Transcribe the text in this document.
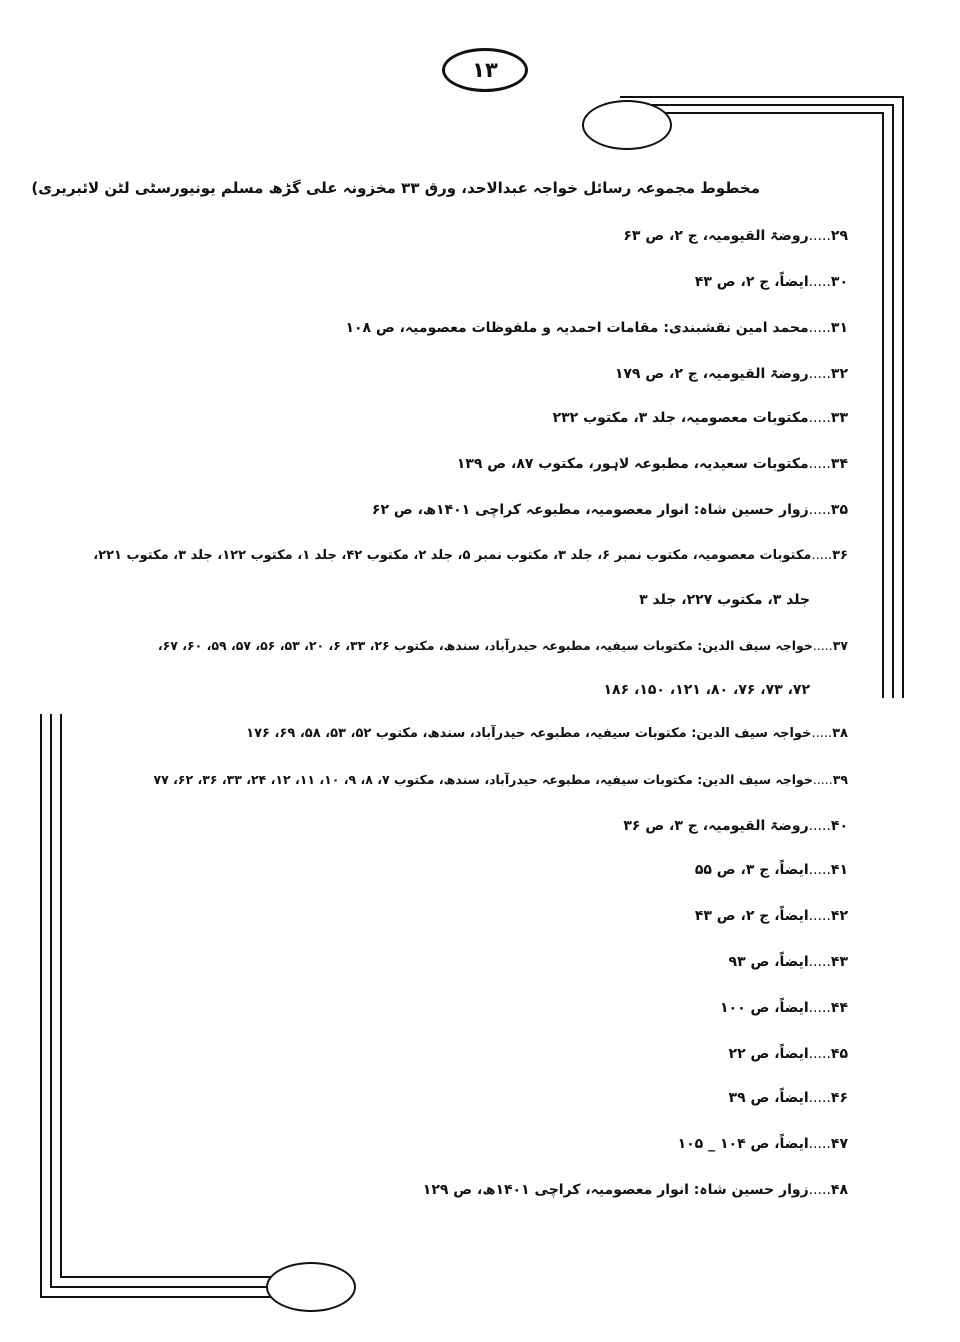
۱۳
مخطوط مجموعہ رسائل خواجہ عبدالاحد، ورق ۳۳ مخزونہ علی گڑھ مسلم یونیورسٹی لٹن لائبریری)
۲۹.....روضۃ القیومیہ، ج ۲، ص ۶۳
۳۰.....ایضاً، ج ۲، ص ۴۳
۳۱.....محمد امین نقشبندی: مقامات احمدیہ و ملفوظات معصومیہ، ص ۱۰۸
۳۲.....روضۃ القیومیہ، ج ۲، ص ۱۷۹
۳۳.....مکتوبات معصومیہ، جلد ۳، مکتوب ۲۳۲
۳۴.....مکتوبات سعیدیہ، مطبوعہ لاہور، مکتوب ۸۷، ص ۱۳۹
۳۵.....زوار حسین شاہ: انوار معصومیہ، مطبوعہ کراچی ۱۴۰۱ھ، ص ۶۲
۳۶.....مکتوبات معصومیہ، مکتوب نمبر ۶، جلد ۳، مکتوب نمبر ۵، جلد ۲، مکتوب ۴۲، جلد ۱، مکتوب ۱۲۲، جلد ۳، مکتوب ۲۲۱،
جلد ۳، مکتوب ۲۲۷، جلد ۳
۳۷.....خواجہ سیف الدین: مکتوبات سیفیہ، مطبوعہ حیدرآباد، سندھ، مکتوب ۲۶، ۳۳، ۶، ۲۰، ۵۳، ۵۶، ۵۷، ۵۹، ۶۰، ۶۷،
۷۲، ۷۳، ۷۶، ۸۰، ۱۲۱، ۱۵۰، ۱۸۶
۳۸.....خواجہ سیف الدین: مکتوبات سیفیہ، مطبوعہ حیدرآباد، سندھ، مکتوب ۵۲، ۵۳، ۵۸، ۶۹، ۱۷۶
۳۹.....خواجہ سیف الدین: مکتوبات سیفیہ، مطبوعہ حیدرآباد، سندھ، مکتوب ۷، ۸، ۹، ۱۰، ۱۱، ۱۲، ۲۴، ۳۳، ۳۶، ۶۲، ۷۷
۴۰.....روضۃ القیومیہ، ج ۳، ص ۳۶
۴۱.....ایضاً، ج ۳، ص ۵۵
۴۲.....ایضاً، ج ۲، ص ۴۳
۴۳.....ایضاً، ص ۹۳
۴۴.....ایضاً، ص ۱۰۰
۴۵.....ایضاً، ص ۲۲
۴۶.....ایضاً، ص ۳۹
۴۷.....ایضاً، ص ۱۰۴ _ ۱۰۵
۴۸.....زوار حسین شاہ: انوار معصومیہ، کراچی ۱۴۰۱ھ، ص ۱۲۹
